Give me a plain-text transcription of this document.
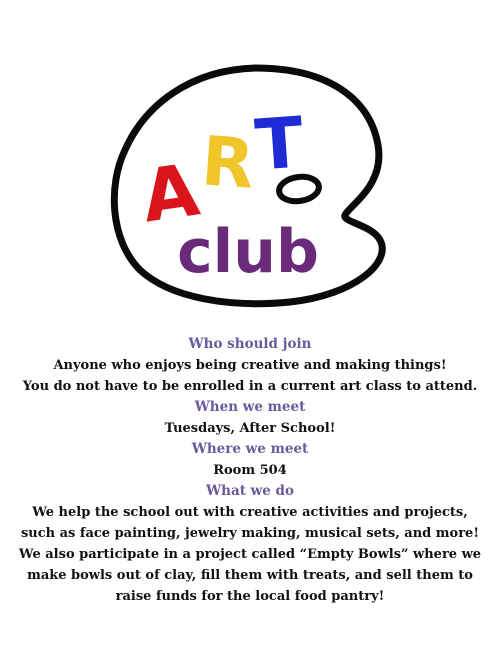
A
R
T
club

Who should join

Anyone who enjoys being creative and making things!

You do not have to be enrolled in a current art class to attend.

When we meet

Tuesdays, After School!

Where we meet

Room 504

What we do

We help the school out with creative activities and projects,
such as face painting, jewelry making, musical sets, and more!
We also participate in a project called “Empty Bowls” where we
make bowls out of clay, fill them with treats, and sell them to
raise funds for the local food pantry!
